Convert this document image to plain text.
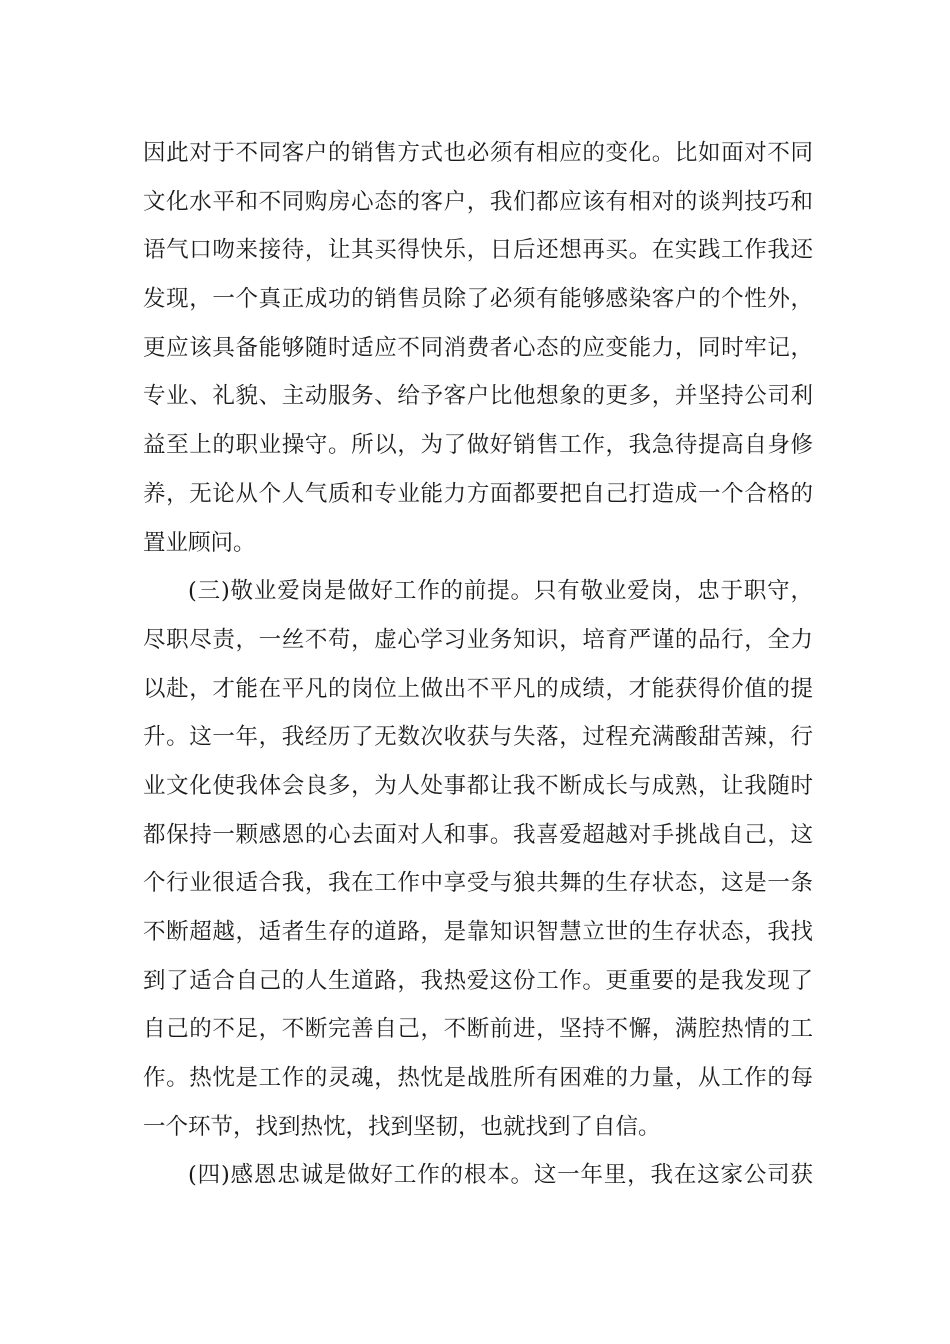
因此对于不同客户的销售方式也必须有相应的变化。比如面对不同
文化水平和不同购房心态的客户，我们都应该有相对的谈判技巧和
语气口吻来接待，让其买得快乐，日后还想再买。在实践工作我还
发现，一个真正成功的销售员除了必须有能够感染客户的个性外，
更应该具备能够随时适应不同消费者心态的应变能力，同时牢记，
专业、礼貌、主动服务、给予客户比他想象的更多，并坚持公司利
益至上的职业操守。所以，为了做好销售工作，我急待提高自身修
养，无论从个人气质和专业能力方面都要把自己打造成一个合格的
置业顾问。
(三)敬业爱岗是做好工作的前提。只有敬业爱岗，忠于职守，
尽职尽责，一丝不苟，虚心学习业务知识，培育严谨的品行，全力
以赴，才能在平凡的岗位上做出不平凡的成绩，才能获得价值的提
升。这一年，我经历了无数次收获与失落，过程充满酸甜苦辣，行
业文化使我体会良多，为人处事都让我不断成长与成熟，让我随时
都保持一颗感恩的心去面对人和事。我喜爱超越对手挑战自己，这
个行业很适合我，我在工作中享受与狼共舞的生存状态，这是一条
不断超越，适者生存的道路，是靠知识智慧立世的生存状态，我找
到了适合自己的人生道路，我热爱这份工作。更重要的是我发现了
自己的不足，不断完善自己，不断前进，坚持不懈，满腔热情的工
作。热忱是工作的灵魂，热忱是战胜所有困难的力量，从工作的每
一个环节，找到热忱，找到坚韧，也就找到了自信。
(四)感恩忠诚是做好工作的根本。这一年里，我在这家公司获
